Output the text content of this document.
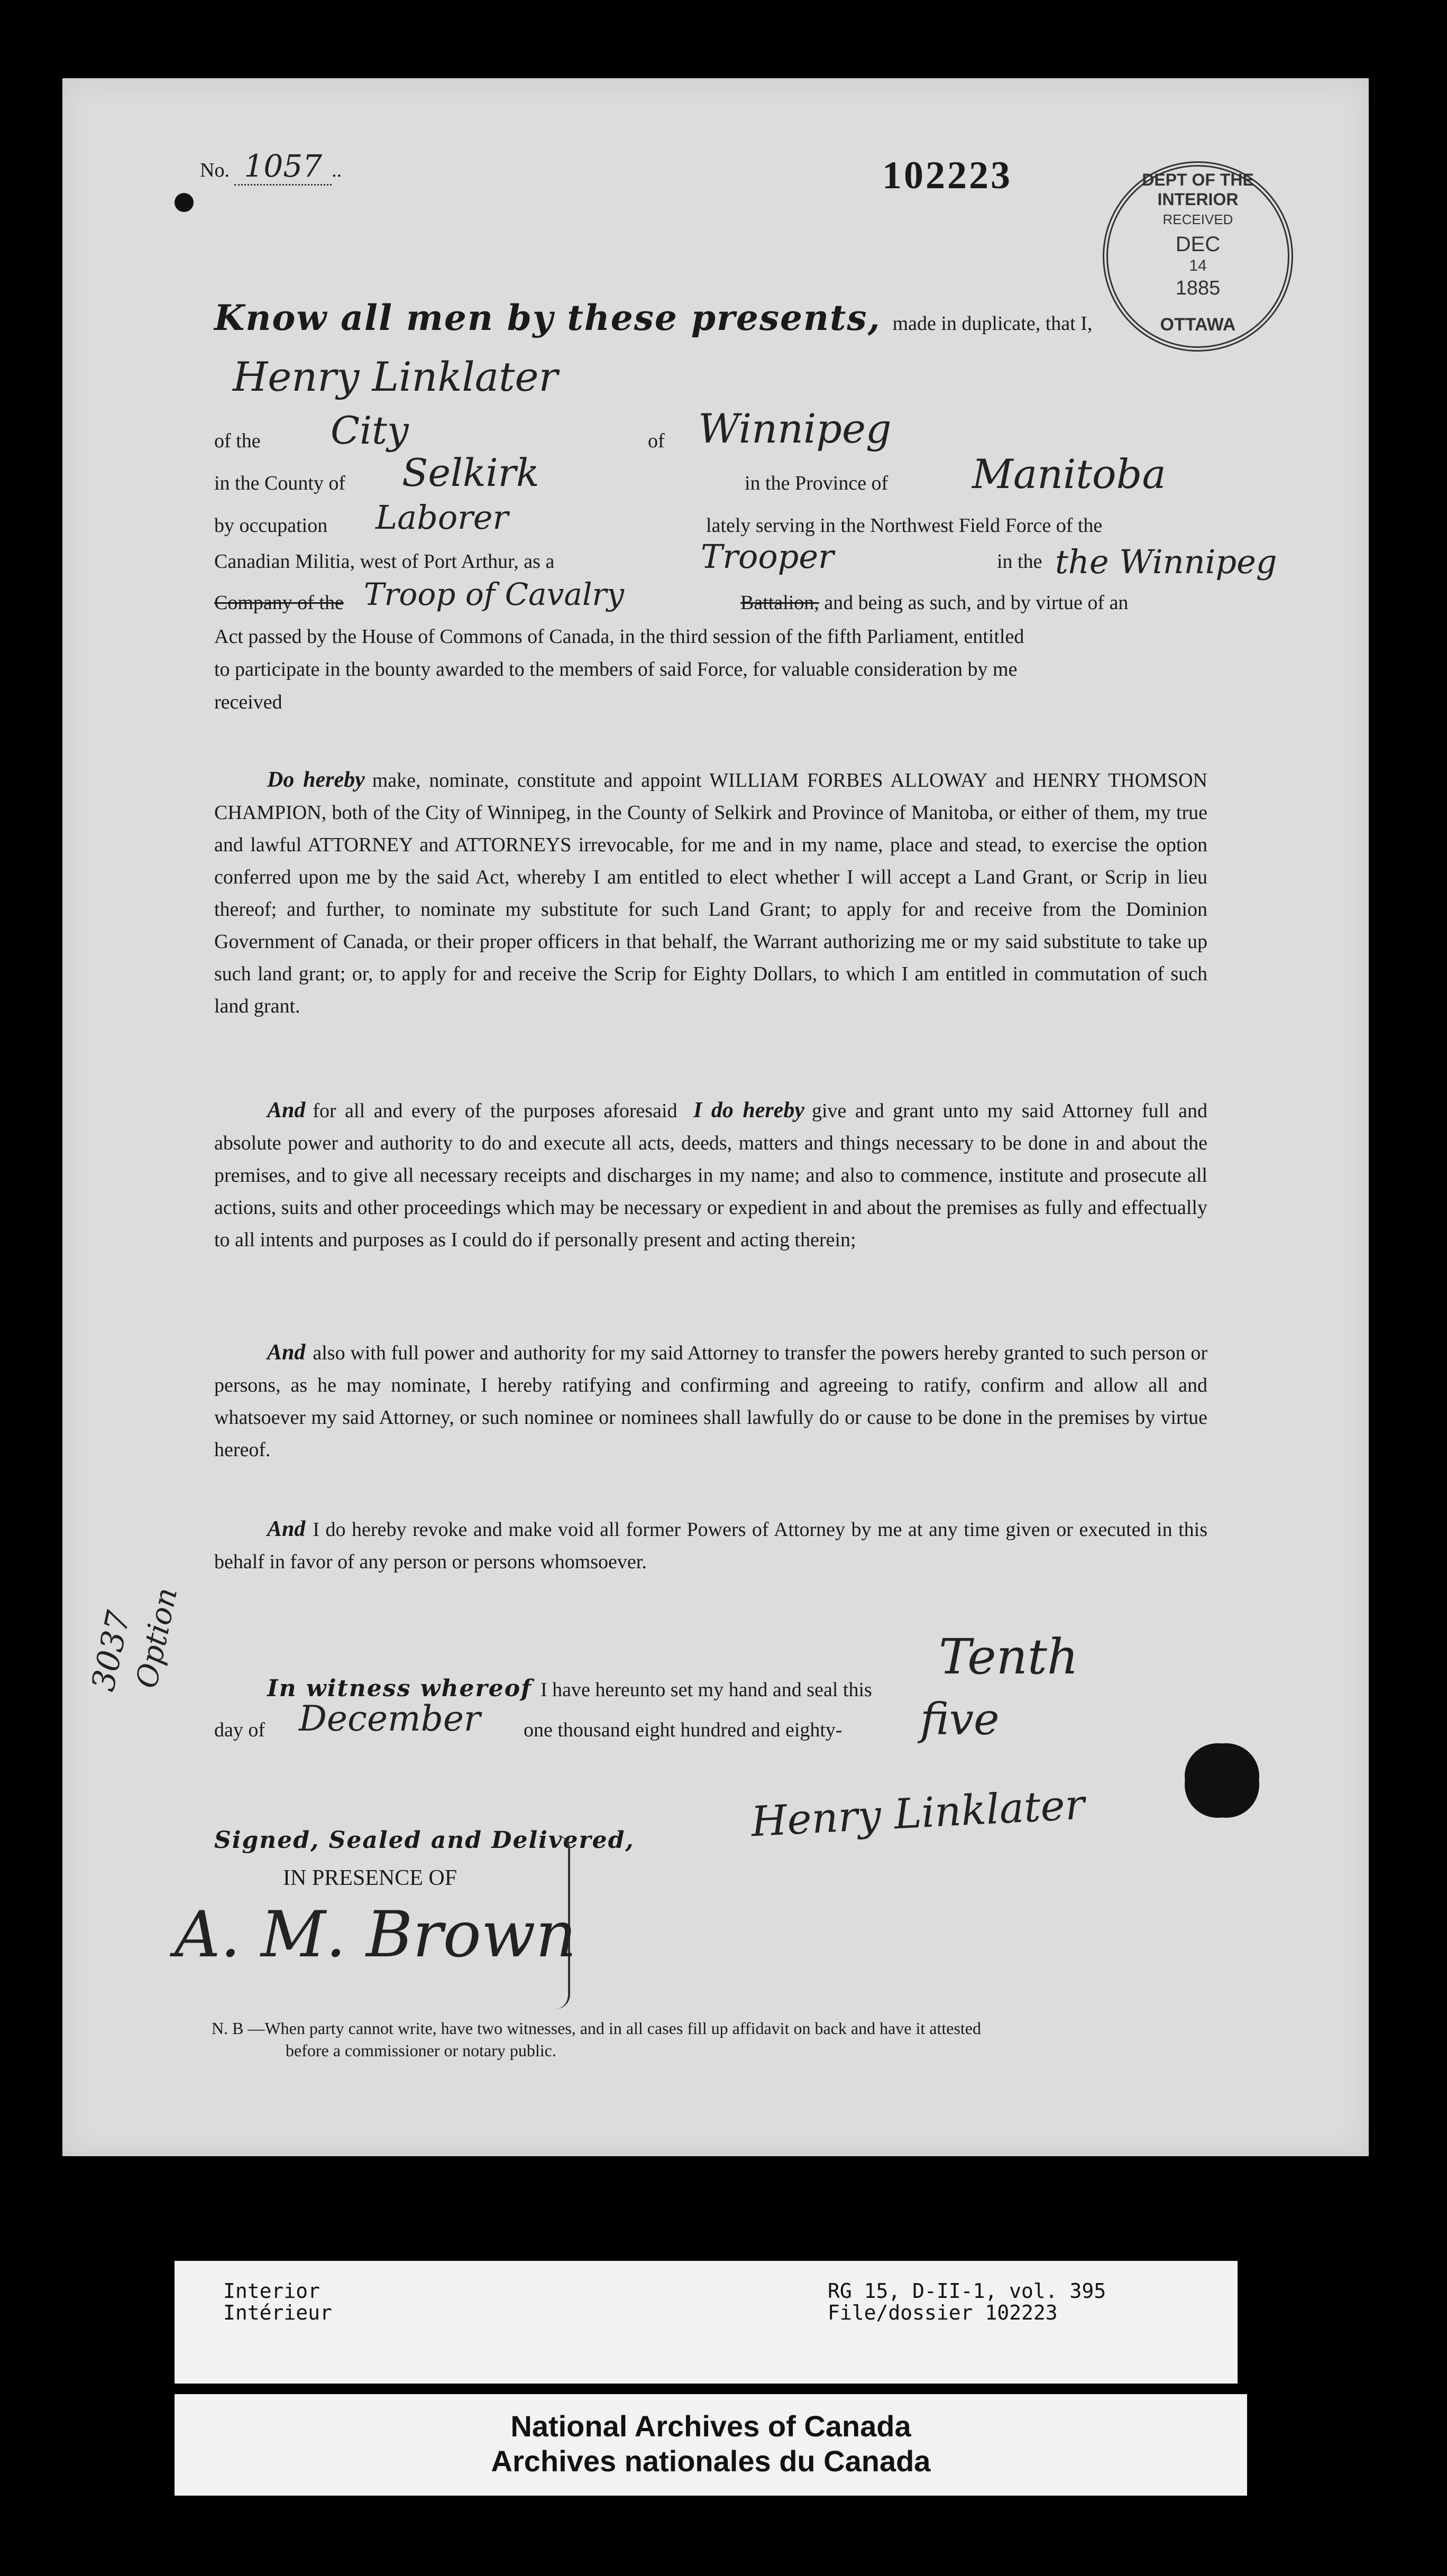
No. 1057 ..	102223	DEPT OF THE INTERIOR
RECEIVED
DEC
14
1885
OTTAWA
Know all men by these presents, made in duplicate, that I,
Henry Linklater
of the City	of Winnipeg
in the County of Selkirk	in the Province of Manitoba
by occupation Laborer	lately serving in the Northwest Field Force of the
Canadian Militia, west of Port Arthur, as a	Trooper	in the the Winnipeg
Company of the Troop of Cavalry	Battalion, and being as such, and by virtue of an
Act passed by the House of Commons of Canada, in the third session of the fifth Parliament, entitled
to participate in the bounty awarded to the members of said Force, for valuable consideration by me
received
Do hereby make, nominate, constitute and appoint WILLIAM FORBES ALLOWAY and HENRY THOMSON CHAMPION, both of the City of Winnipeg, in the County of Selkirk and Province of Manitoba, or either of them, my true and lawful ATTORNEY and ATTORNEYS irrevocable, for me and in my name, place and stead, to exercise the option conferred upon me by the said Act, whereby I am entitled to elect whether I will accept a Land Grant, or Scrip in lieu thereof; and further, to nominate my substitute for such Land Grant; to apply for and receive from the Dominion Government of Canada, or their proper officers in that behalf, the Warrant authorizing me or my said substitute to take up such land grant; or, to apply for and receive the Scrip for Eighty Dollars, to which I am entitled in commutation of such land grant.
And for all and every of the purposes aforesaid I do hereby give and grant unto my said Attorney full and absolute power and authority to do and execute all acts, deeds, matters and things necessary to be done in and about the premises, and to give all necessary receipts and discharges in my name; and also to commence, institute and prosecute all actions, suits and other proceedings which may be necessary or expedient in and about the premises as fully and effectually to all intents and purposes as I could do if personally present and acting therein;
And also with full power and authority for my said Attorney to transfer the powers hereby granted to such person or persons, as he may nominate, I hereby ratifying and confirming and agreeing to ratify, confirm and allow all and whatsoever my said Attorney, or such nominee or nominees shall lawfully do or cause to be done in the premises by virtue hereof.
And I do hereby revoke and make void all former Powers of Attorney by me at any time given or executed in this behalf in favor of any person or persons whomsoever.
3037
Option	In witness whereof I have hereunto set my hand and seal this
Tenth
day of December one thousand eight hundred and eighty- five
Henry Linklater
Signed, Sealed and Delivered,
IN PRESENCE OF
A. M. Brown
N. B —When party cannot write, have two witnesses, and in all cases fill up affidavit on back and have it attested
before a commissioner or notary public.
Interior
Intérieur
RG 15, D-II-1, vol. 395
File/dossier 102223
National Archives of Canada
Archives nationales du Canada
